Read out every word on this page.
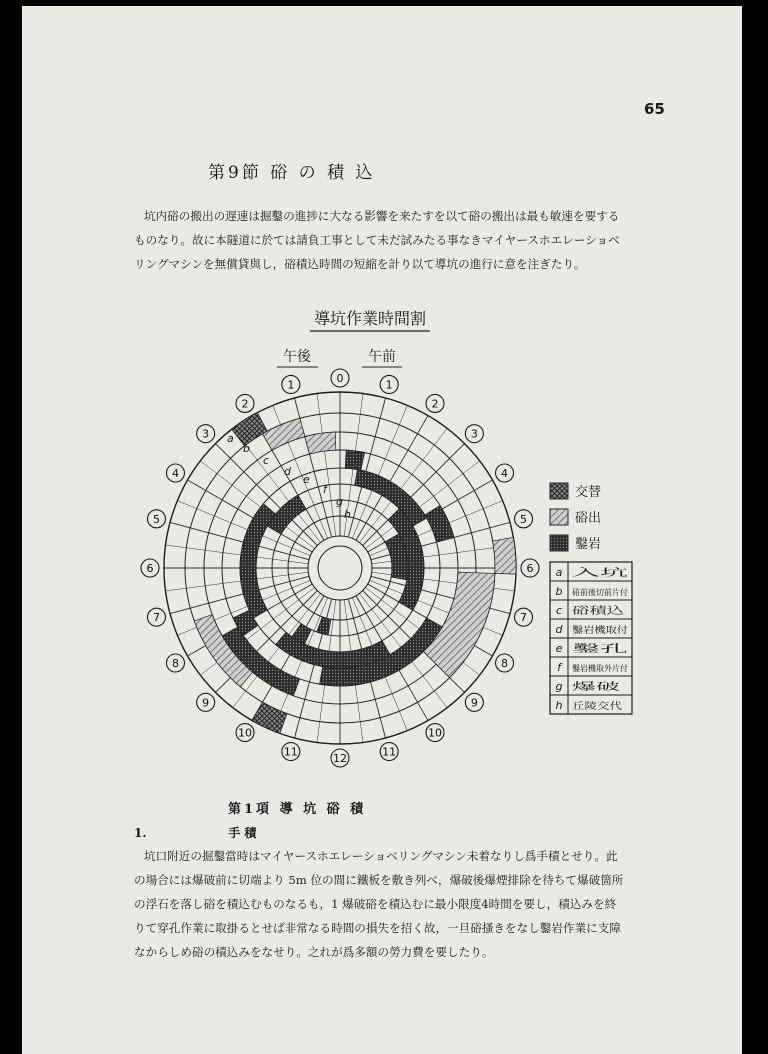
65
第9節 硲 の 積 込

坑内硲の搬出の遅速は掘鑿の進捗に大なる影響を来たすを以て硲の搬出は最も敏速を要する

ものなり。故に本隧道に於ては請負工事として未だ試みたる事なきマイヤースホエレーショベ

リングマシンを無償貸與し，硲積込時間の短縮を計り以て導坑の進行に意を注ぎたり。

導坑作業時間割
午後	午前
0	1
2
3
4
5
6
7
8
9
10
11
12
11
10
9
8
7
6
5
4
3
2
1
a
b
c
d
e
f
g
h
交替
硲出
鑿岩
a 入坑
b 硲前後切前片付
c 硲積込
d 鑿岩機取付
e 鑿孔
f 鑿岩機取外片付
g 爆破
h 丘陵交代
第1項 導 坑 硲 積
1.	手 積

坑口附近の掘鑿當時はマイヤースホエレーショベリングマシン未着なりし爲手積とせり。此

の場合には爆破前に切端より 5m 位の間に鐵板を敷き列べ，爆破後爆煙排除を待ちて爆破箇所

の浮石を落し硲を積込むものなるも，1 爆破硲を積込むに最小限度4時間を要し，積込みを終

りて穿孔作業に取掛るとせば非常なる時間の損失を招く故，一旦硲搔きをなし鑿岩作業に支障

なからしめ硲の積込みをなせり。之れが爲多額の勞力費を要したり。
